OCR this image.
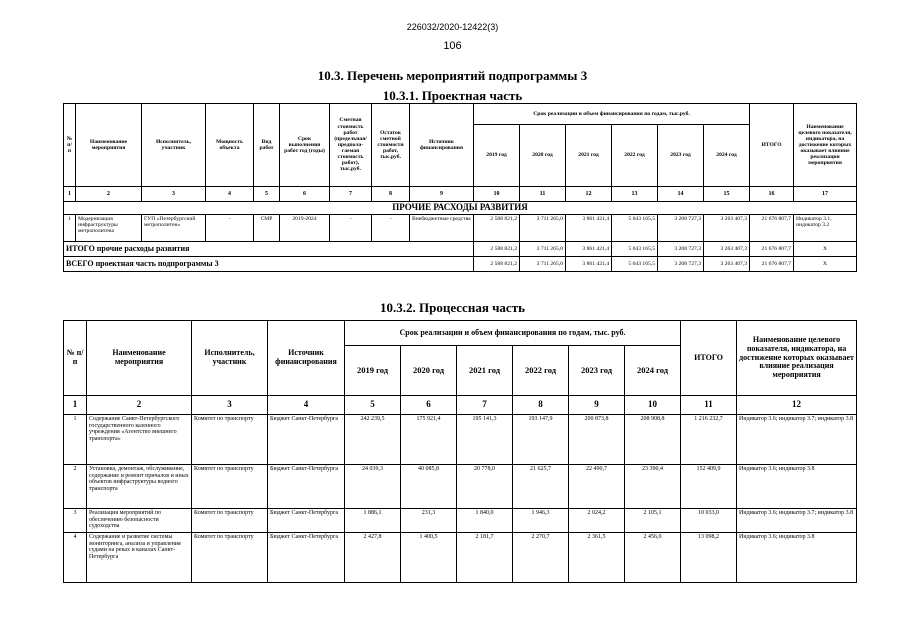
226032/2020-12422(3)
106
10.3. Перечень мероприятий подпрограммы 3
10.3.1. Проектная часть
№ п/п	Наименование мероприятия	Исполнитель, участник	Мощность объекта	Вид работ	Срок выполнения работ год (годы)	Сметная стоимость работ (предельная/ предпола-гаемая стоимость работ), тыс.руб.	Остаток сметной стоимости работ, тыс.руб.	Источник финансирования	Срок реализации и объем финансирования по годам, тыс.руб.						ИТОГО	Наименование целевого показателя, индикатора, на достижение которых оказывает влияние реализация мероприятия
									2019 год	2020 год	2021 год	2022 год	2023 год	2024 год		
1	2	3	4	5	6	7	8	9	10	11	12	13	14	15	16	17
ПРОЧИЕ РАСХОДЫ РАЗВИТИЯ																
1	Модернизация инфраструктуры метрополитена	ГУП «Петербургский метрополитен»	-	СМР	2019-2024	-	-	Внебюджетные средства	2 588 821,2	3 711 265,0	3 861 421,4	5 043 165,5	3 208 727,3	3 263 407,3	21 676 807,7	Индикатор 3.1, индикатор 3.2
ИТОГО прочие расходы развития									2 588 821,2	3 711 265,0	3 861 421,4	5 043 165,5	3 208 727,3	3 263 407,3	21 676 807,7	Х
ВСЕГО проектная часть подпрограммы 3									2 588 821,2	3 711 265,0	3 861 421,4	5 043 165,5	3 208 727,3	3 263 407,3	21 676 807,7	Х
10.3.2. Процессная часть
№ п/п	Наименование мероприятия	Исполнитель, участник	Источник финансирования	Срок реализации и объем финансирования по годам, тыс. руб.						ИТОГО	Наименование целевого показателя, индикатора, на достижение которых оказывает влияние реализация мероприятия
				2019 год	2020 год	2021 год	2022 год	2023 год	2024 год		
1	2	3	4	5	6	7	8	9	10	11	12
1	Содержание Санкт-Петербургского государственного казенного учреждения «Агентство внешнего транспорта»	Комитет по транспорту	Бюджет Санкт-Петербурга	242 239,5	175 921,4	195 141,3	193 147,9	200 873,8	208 908,8	1 216 232,7	Индикатор 3.6; индикатор 3.7; индикатор 3.8
2	Установка, демонтаж, обслуживание, содержание и ремонт причалов и иных объектов инфраструктуры водного транспорта	Комитет по транспорту	Бюджет Санкт-Петербурга	24 039,3	40 085,8	20 778,0	21 625,7	22 490,7	23 390,4	152 409,9	Индикатор 3.6; индикатор 3.8
3	Реализация мероприятий по обеспечению безопасности судоходства	Комитет по транспорту	Бюджет Санкт-Петербурга	1 886,1	231,3	1 840,0	1 946,3	2 024,2	2 105,1	10 033,0	Индикатор 3.6; индикатор 3.7; индикатор 3.8
4	Содержание и развитие системы мониторинга, анализа и управления судами на реках и каналах Санкт-Петербурга	Комитет по транспорту	Бюджет Санкт-Петербурга	2 427,8	1 400,5	2 181,7	2 270,7	2 361,5	2 456,0	13 098,2	Индикатор 3.6; индикатор 3.8
